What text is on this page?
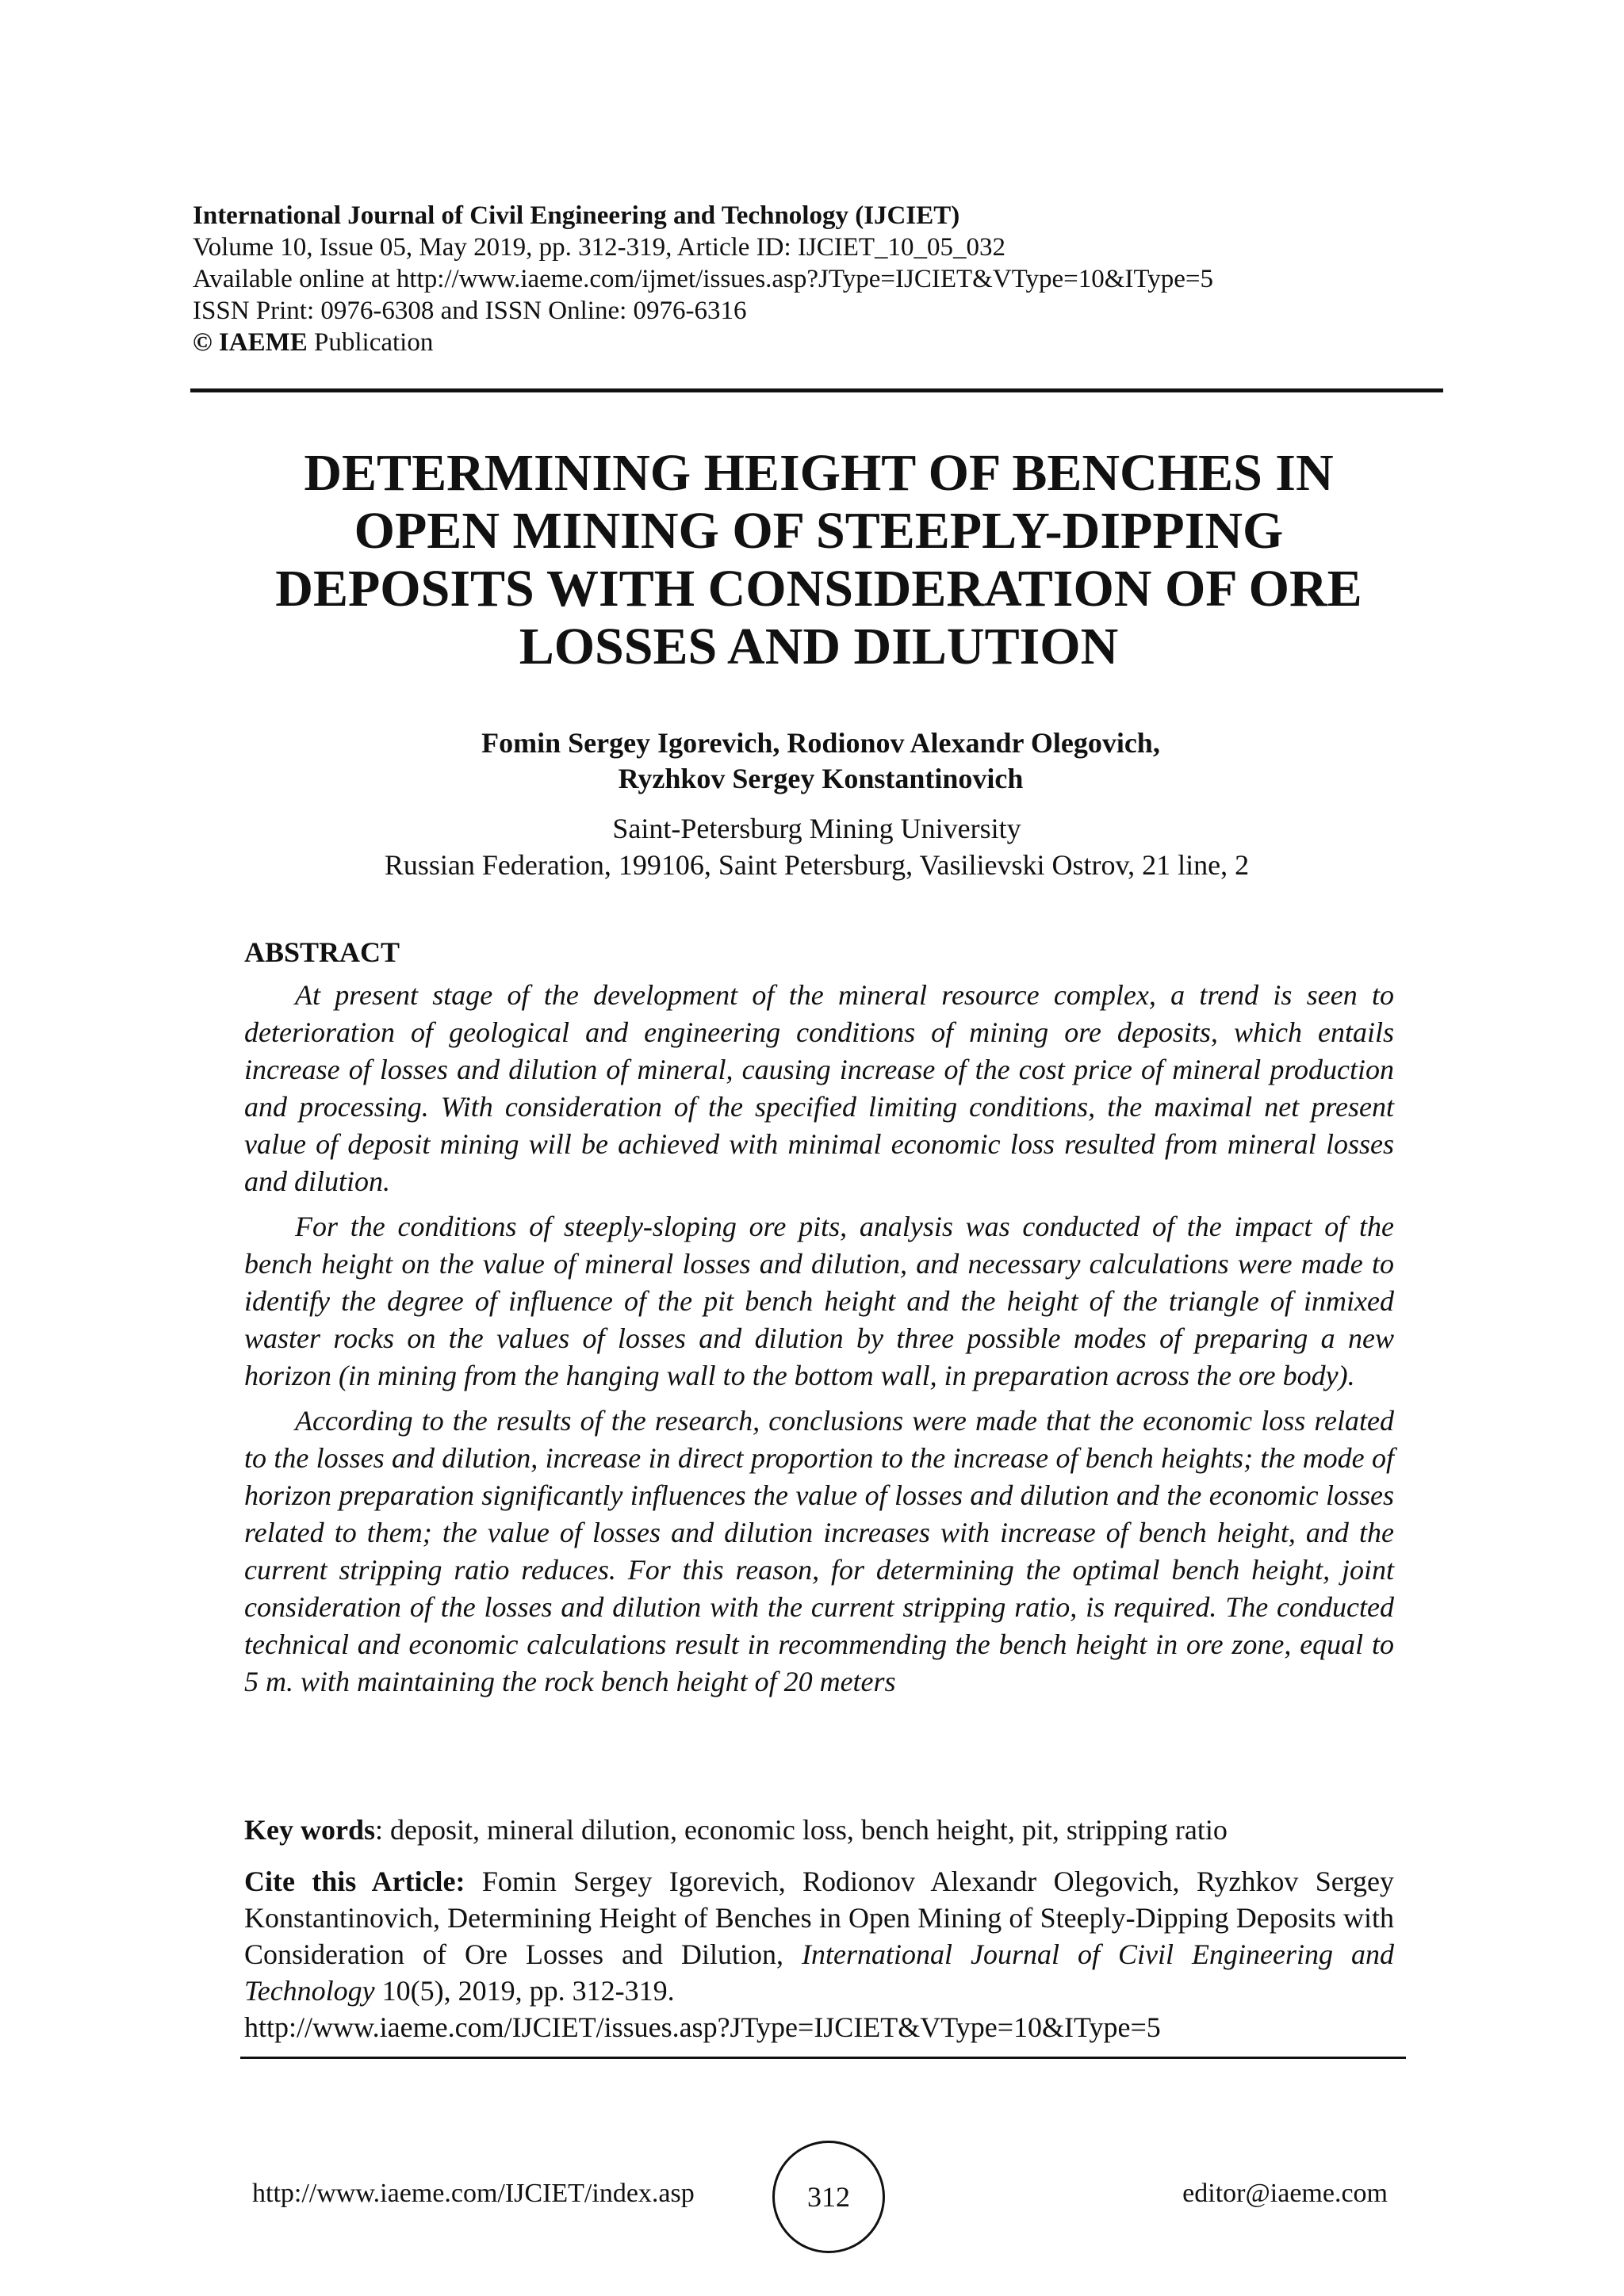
International Journal of Civil Engineering and Technology (IJCIET)
Volume 10, Issue 05, May 2019, pp. 312-319, Article ID: IJCIET_10_05_032
Available online at http://www.iaeme.com/ijmet/issues.asp?JType=IJCIET&VType=10&IType=5
ISSN Print: 0976-6308 and ISSN Online: 0976-6316
© IAEME Publication
DETERMINING HEIGHT OF BENCHES IN
OPEN MINING OF STEEPLY-DIPPING
DEPOSITS WITH CONSIDERATION OF ORE
LOSSES AND DILUTION
Fomin Sergey Igorevich, Rodionov Alexandr Olegovich,
Ryzhkov Sergey Konstantinovich
Saint-Petersburg Mining University
Russian Federation, 199106, Saint Petersburg, Vasilievski Ostrov, 21 line, 2
ABSTRACT

At present stage of the development of the mineral resource complex, a trend is seen to deterioration of geological and engineering conditions of mining ore deposits, which entails increase of losses and dilution of mineral, causing increase of the cost price of mineral production and processing. With consideration of the specified limiting conditions, the maximal net present value of deposit mining will be achieved with minimal economic loss resulted from mineral losses and dilution.

For the conditions of steeply-sloping ore pits, analysis was conducted of the impact of the bench height on the value of mineral losses and dilution, and necessary calculations were made to identify the degree of influence of the pit bench height and the height of the triangle of inmixed waster rocks on the values of losses and dilution by three possible modes of preparing a new horizon (in mining from the hanging wall to the bottom wall, in preparation across the ore body).

According to the results of the research, conclusions were made that the economic loss related to the losses and dilution, increase in direct proportion to the increase of bench heights; the mode of horizon preparation significantly influences the value of losses and dilution and the economic losses related to them; the value of losses and dilution increases with increase of bench height, and the current stripping ratio reduces. For this reason, for determining the optimal bench height, joint consideration of the losses and dilution with the current stripping ratio, is required. The conducted technical and economic calculations result in recommending the bench height in ore zone, equal to 5 m. with maintaining the rock bench height of 20 meters

Key words: deposit, mineral dilution, economic loss, bench height, pit, stripping ratio
Cite this Article: Fomin Sergey Igorevich, Rodionov Alexandr Olegovich, Ryzhkov Sergey Konstantinovich, Determining Height of Benches in Open Mining of Steeply-Dipping Deposits with Consideration of Ore Losses and Dilution, International Journal of Civil Engineering and Technology 10(5), 2019, pp. 312-319.
http://www.iaeme.com/IJCIET/issues.asp?JType=IJCIET&VType=10&IType=5
http://www.iaeme.com/IJCIET/index.asp	312	editor@iaeme.com
